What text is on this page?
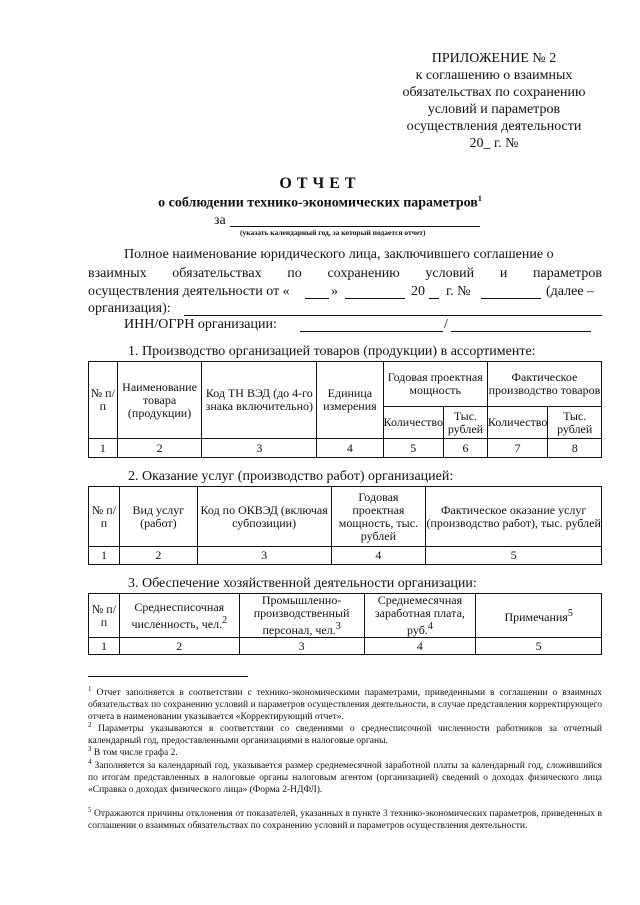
ПРИЛОЖЕНИЕ № 2
к соглашению о взаимных
обязательствах по сохранению
условий и параметров
осуществления деятельности
20_ г. №
ОТЧЕТ
о соблюдении технико-экономических параметров$^1$
за
(указать календарный год, за который подается отчет)
Полное наименование юридического лица, заключившего соглашение о
взаимных обязательствах по сохранению условий и параметров
осуществления деятельности от «	»	20 г. №	(далее –
организация):
ИНН/ОГРН организации:	/
1. Производство организацией товаров (продукции) в ассортименте:
№ п/п	Наименование товара (продукции)	Код ТН ВЭД (до 4-го знака включительно)	Единица измерения	Годовая проектная мощность		Фактическое производство товаров	
				Количество	Тыс. рублей	Количество	Тыс. рублей
1	2	3	4	5	6	7	8
2. Оказание услуг (производство работ) организацией:
№ п/п	Вид услуг (работ)	Код по ОКВЭД (включая субпозиции)	Годовая проектная мощность, тыс. рублей	Фактическое оказание услуг (производство работ), тыс. рублей
1	2	3	4	5
3. Обеспечение хозяйственной деятельности организации:
№ п/п	Среднесписочная численность, чел.$^2$	Промышленно-производственный персонал, чел.$^3$	Среднемесячная заработная плата, руб.$^4$	Примечания$^5$
1	2	3	4	5
$^1$ Отчет заполняется в соответствии с технико-экономическими параметрами, приведенными в соглашении о взаимных обязательствах по сохранению условий и параметров осуществления деятельности, в случае представления корректирующего отчета в наименовании указывается «Корректирующий отчет».
$^2$ Параметры указываются в соответствии со сведениями о среднесписочной численности работников за отчетный календарный год, предоставленными организациями в налоговые органы.
$^3$ В том числе графа 2.
$^4$ Заполняется за календарный год, указывается размер среднемесячной заработной платы за календарный год, сложившийся по итогам представленных в налоговые органы налоговым агентом (организацией) сведений о доходах физического лица «Справка о доходах физического лица» (Форма 2-НДФЛ).
$^5$ Отражаются причины отклонения от показателей, указанных в пункте 3 технико-экономических параметров, приведенных в соглашении о взаимных обязательствах по сохранению условий и параметров осуществления деятельности.
